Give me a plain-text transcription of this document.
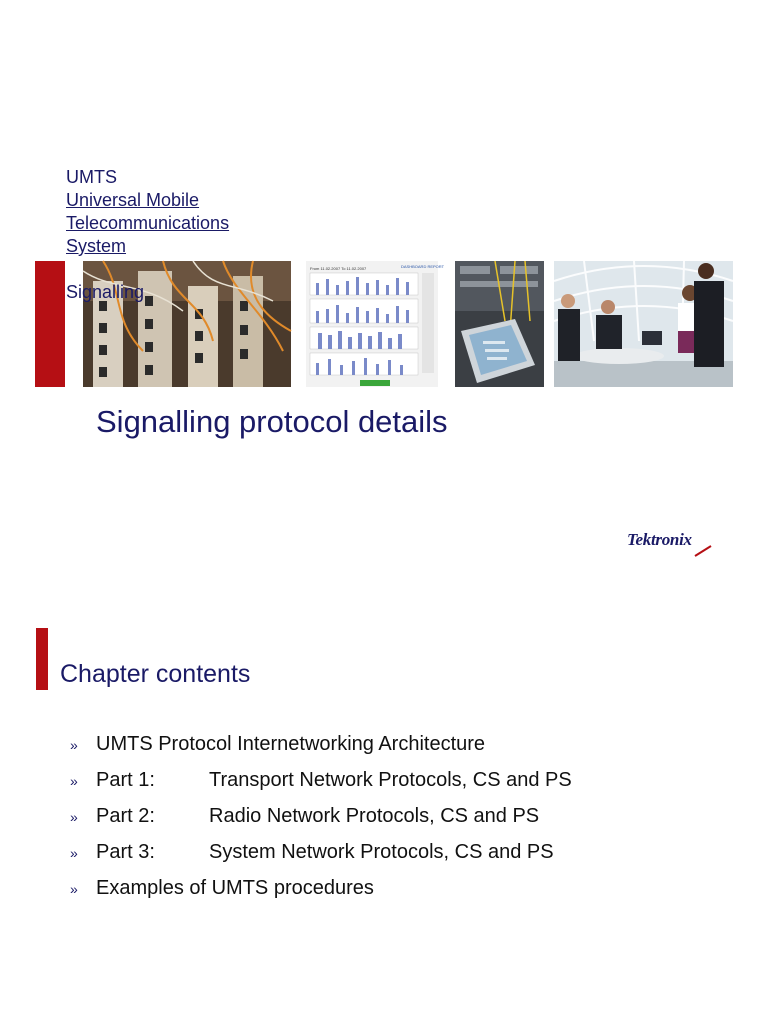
UMTS
Universal Mobile
Telecommunications
System
Signalling
DASHBOARD REPORT
From 11.02.2007 To 11.02.2007
Signalling protocol details
Tektronix
Chapter contents
» UMTS Protocol Internetworking Architecture
» Part 1:	Transport Network Protocols, CS and PS
» Part 2:	Radio Network Protocols, CS and PS
» Part 3:	System Network Protocols, CS and PS
» Examples of UMTS procedures
